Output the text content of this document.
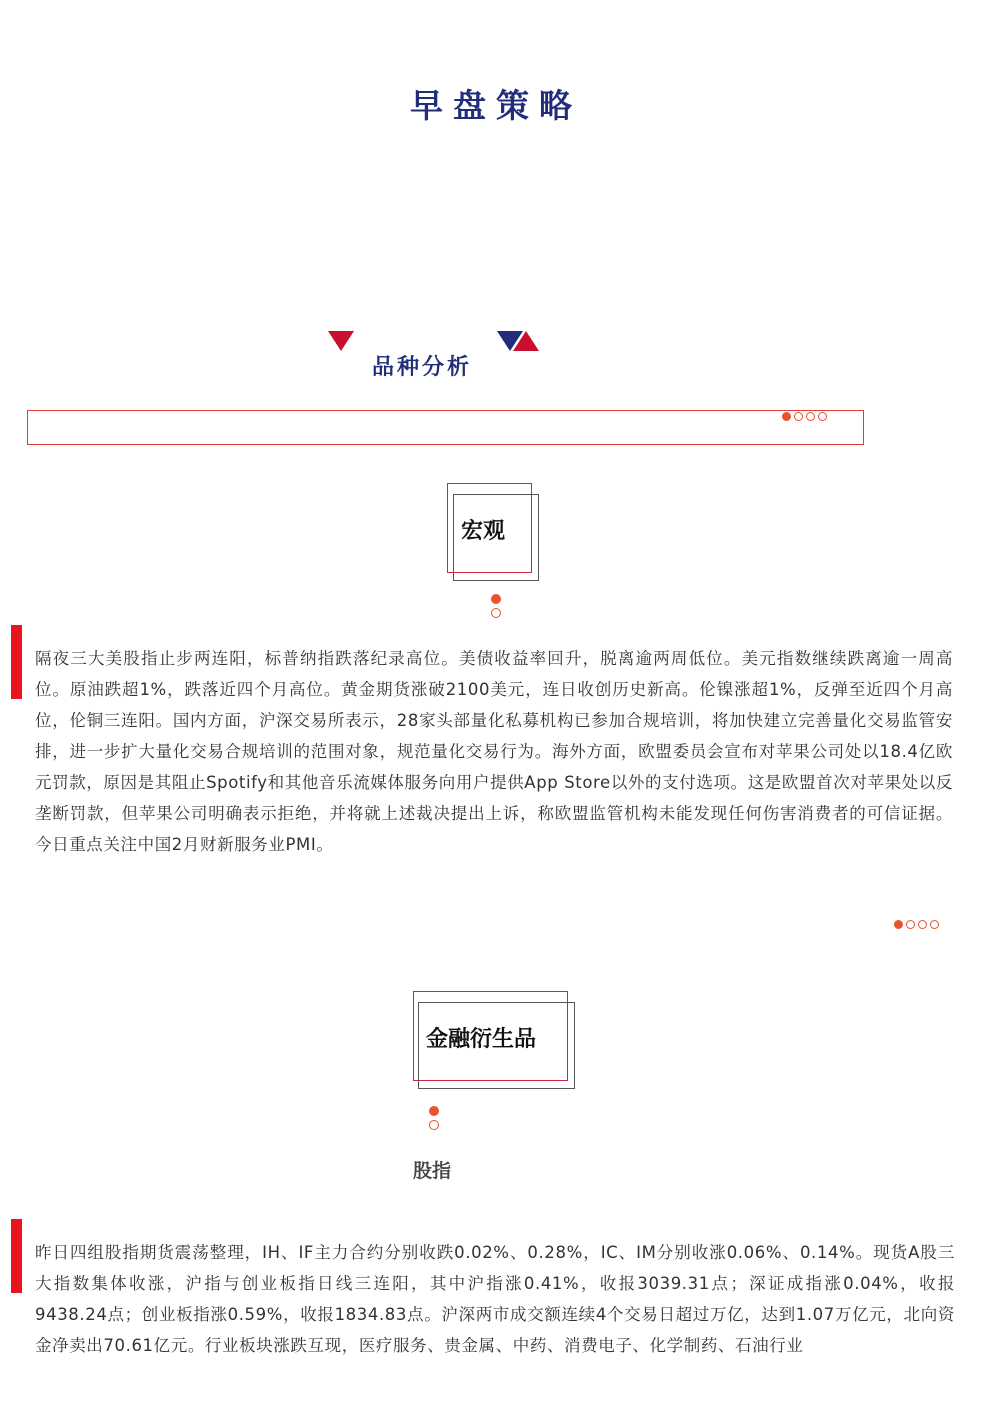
早盘策略
品种分析
宏观
隔夜三大美股指止步两连阳，标普纳指跌落纪录高位。美债收益率回升，脱离逾两周低位。美元指数继续跌离逾一周高位。原油跌超1%，跌落近四个月高位。黄金期货涨破2100美元，连日收创历史新高。伦镍涨超1%，反弹至近四个月高位，伦铜三连阳。国内方面，沪深交易所表示，28家头部量化私募机构已参加合规培训，将加快建立完善量化交易监管安排，进一步扩大量化交易合规培训的范围对象，规范量化交易行为。海外方面，欧盟委员会宣布对苹果公司处以18.4亿欧元罚款，原因是其阻止Spotify和其他音乐流媒体服务向用户提供App Store以外的支付选项。这是欧盟首次对苹果处以反垄断罚款，但苹果公司明确表示拒绝，并将就上述裁决提出上诉，称欧盟监管机构未能发现任何伤害消费者的可信证据。今日重点关注中国2月财新服务业PMI。
金融衍生品
股指
昨日四组股指期货震荡整理，IH、IF主力合约分别收跌0.02%、0.28%，IC、IM分别收涨0.06%、0.14%。现货A股三大指数集体收涨，沪指与创业板指日线三连阳，其中沪指涨0.41%，收报3039.31点；深证成指涨0.04%，收报9438.24点；创业板指涨0.59%，收报1834.83点。沪深两市成交额连续4个交易日超过万亿，达到1.07万亿元，北向资金净卖出70.61亿元。行业板块涨跌互现，医疗服务、贵金属、中药、消费电子、化学制药、石油行业
